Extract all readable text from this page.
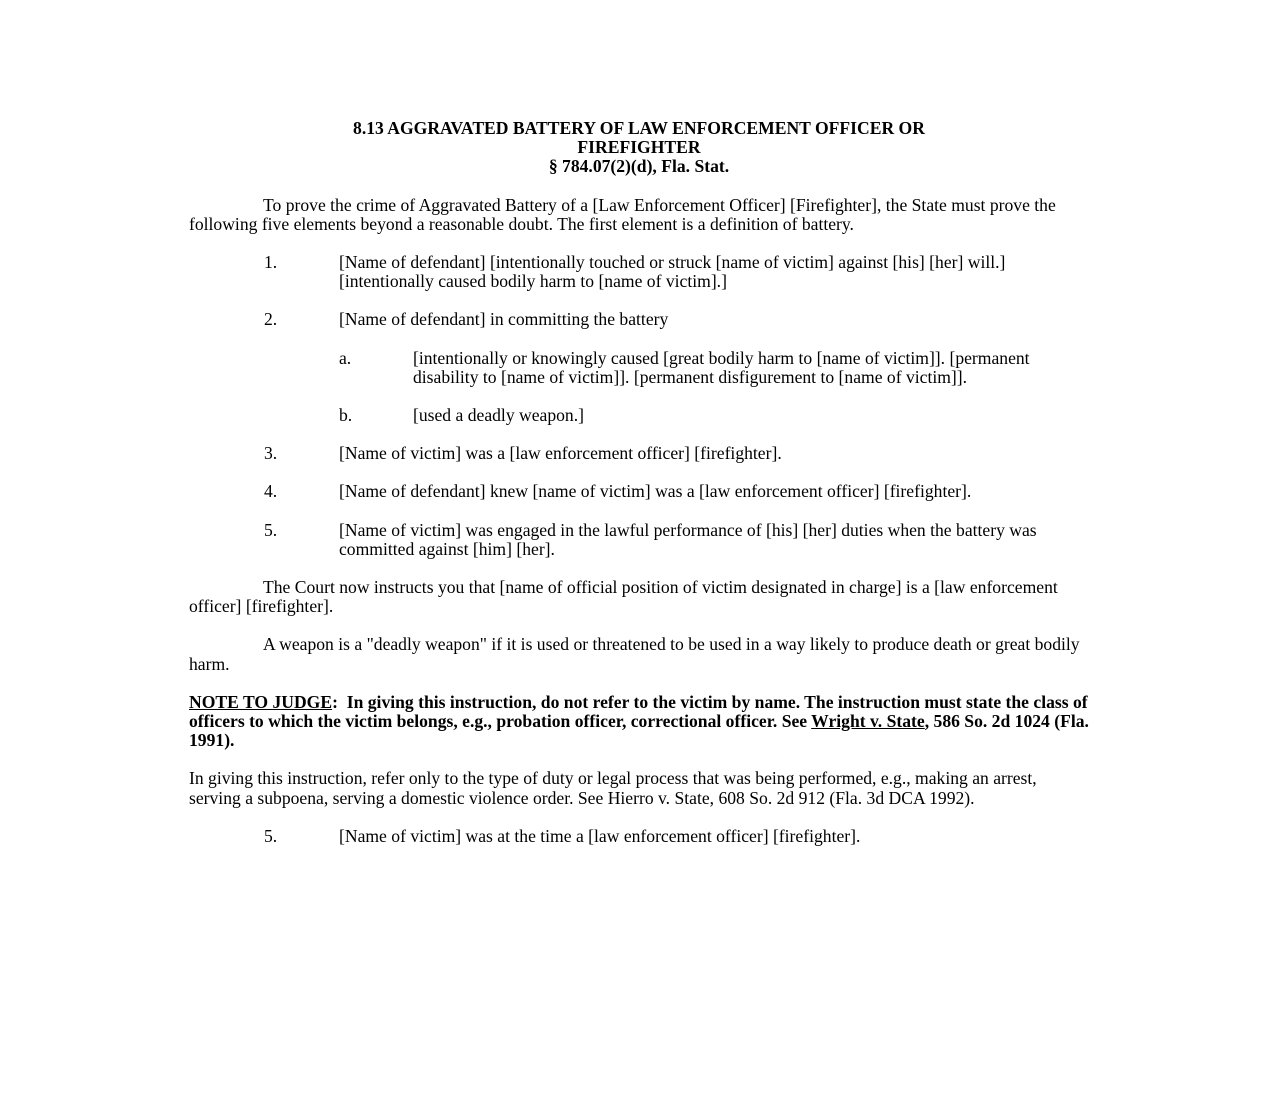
8.13 AGGRAVATED BATTERY OF LAW ENFORCEMENT OFFICER OR
FIREFIGHTER
§ 784.07(2)(d), Fla. Stat.

To prove the crime of Aggravated Battery of a [Law Enforcement Officer] [Firefighter], the State must prove the following five elements beyond a reasonable doubt. The first element is a definition of battery.

1.	[Name of defendant] [intentionally touched or struck [name of victim] against [his] [her] will.] [intentionally caused bodily harm to [name of victim].]
2.	[Name of defendant] in committing the battery
a.	[intentionally or knowingly caused [great bodily harm to [name of victim]]. [permanent disability to [name of victim]]. [permanent disfigurement to [name of victim]].
b.	[used a deadly weapon.]
3.	[Name of victim] was a [law enforcement officer] [firefighter].
4.	[Name of defendant] knew [name of victim] was a [law enforcement officer] [firefighter].
5.	[Name of victim] was engaged in the lawful performance of [his] [her] duties when the battery was committed against [him] [her].

The Court now instructs you that [name of official position of victim designated in charge] is a [law enforcement officer] [firefighter].

A weapon is a "deadly weapon" if it is used or threatened to be used in a way likely to produce death or great bodily harm.

NOTE TO JUDGE: In giving this instruction, do not refer to the victim by name. The instruction must state the class of officers to which the victim belongs, e.g., probation officer, correctional officer. See Wright v. State, 586 So. 2d 1024 (Fla. 1991).

In giving this instruction, refer only to the type of duty or legal process that was being performed, e.g., making an arrest, serving a subpoena, serving a domestic violence order. See Hierro v. State, 608 So. 2d 912 (Fla. 3d DCA 1992).

5.	[Name of victim] was at the time a [law enforcement officer] [firefighter].
